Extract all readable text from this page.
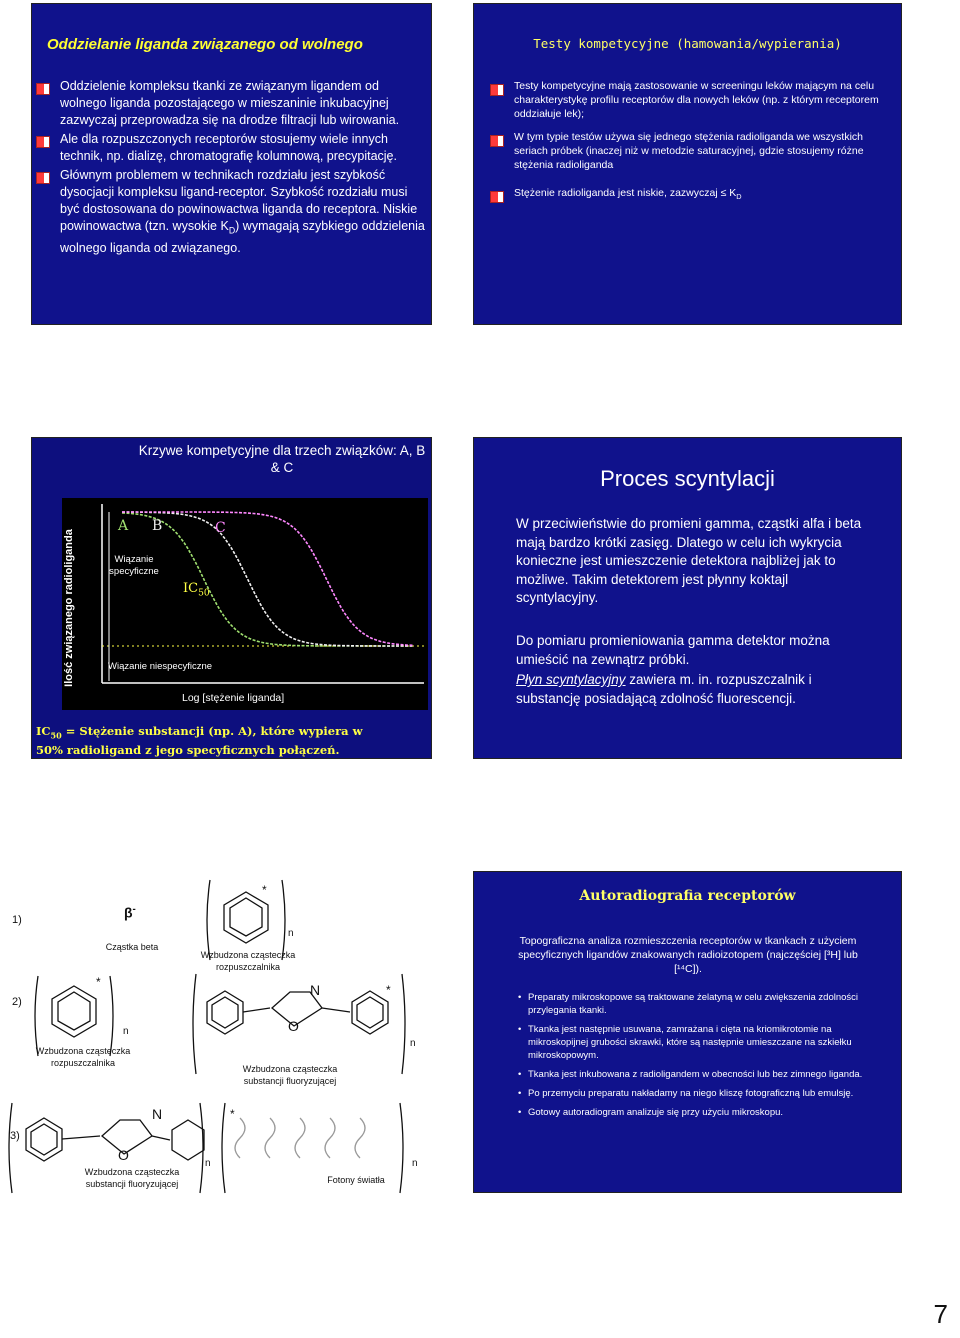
Oddzielanie liganda związanego od wolnego
Oddzielenie kompleksu tkanki ze związanym ligandem od wolnego liganda pozostającego w mieszaninie inkubacyjnej zazwyczaj przeprowadza się na drodze filtracji lub wirowania.
Ale dla rozpuszczonych receptorów stosujemy wiele innych technik, np. dializę, chromatografię kolumnową, precypitację.
Głównym problemem w technikach rozdziału jest szybkość dysocjacji kompleksu ligand-receptor. Szybkość rozdziału musi być dostosowana do powinowactwa liganda do receptora. Niskie powinowactwa (tzn. wysokie $K_D$) wymagają szybkiego oddzielenia wolnego liganda od związanego.
Testy kompetycyjne (hamowania/wypierania)
Testy kompetycyjne mają zastosowanie w screeningu leków mającym na celu charakterystykę profilu receptorów dla nowych leków (np. z którym receptorem oddziałuje lek);
W tym typie testów używa się jednego stężenia radioliganda we wszystkich seriach próbek (inaczej niż w metodzie saturacyjnej, gdzie stosujemy różne stężenia radioliganda
Stężenie radioliganda jest niskie, zazwyczaj ≤ $K_D$
Krzywe kompetycyjne dla trzech związków: A, B & C
Ilość związanego radioliganda	Wiązanie specyficzne
Wiązanie niespecyficzne
Log [stężenie liganda]
$IC_{50}$
A B	C
$IC_{50}$ = Stężenie substancji (np. A), które wypiera w 50% radioligand z jego specyficznych połączeń.
Proces scyntylacji
W przeciwieństwie do promieni gamma, cząstki alfa i beta mają bardzo krótki zasięg. Dlatego w celu ich wykrycia konieczne jest umieszczenie detektora najbliżej jak to możliwe. Takim detektorem jest płynny koktajl scyntylacyjny.
Do pomiaru promieniowania gamma detektor można umieścić na zewnątrz próbki.
Płyn scyntylacyjny zawiera m. in. rozpuszczalnik i substancję posiadającą zdolność fluorescencji.
1)
2)
3)
β-
Cząstka beta
Wzbudzona cząsteczka rozpuszczalnika
Wzbudzona cząsteczka rozpuszczalnika
Wzbudzona cząsteczka substancji fluoryzującej
Wzbudzona cząsteczka substancji fluoryzującej	Fotony światła
*
*
*
*
n
n
n
n	n
N
O
N
O
Autoradiografia receptorów
Topograficzna analiza rozmieszczenia receptorów w tkankach z użyciem specyficznych ligandów znakowanych radioizotopem (najczęściej [³H] lub [¹⁴C]).
• Preparaty mikroskopowe są traktowane żelatyną w celu zwiększenia zdolności przylegania tkanki.
• Tkanka jest następnie usuwana, zamrażana i cięta na kriomikrotomie na mikroskopijnej grubości skrawki, które są następnie umieszczane na szkiełku mikroskopowym.
• Tkanka jest inkubowana z radioligandem w obecności lub bez zimnego liganda.
• Po przemyciu preparatu nakładamy na niego kliszę fotograficzną lub emulsję.
• Gotowy autoradiogram analizuje się przy użyciu mikroskopu.
7
